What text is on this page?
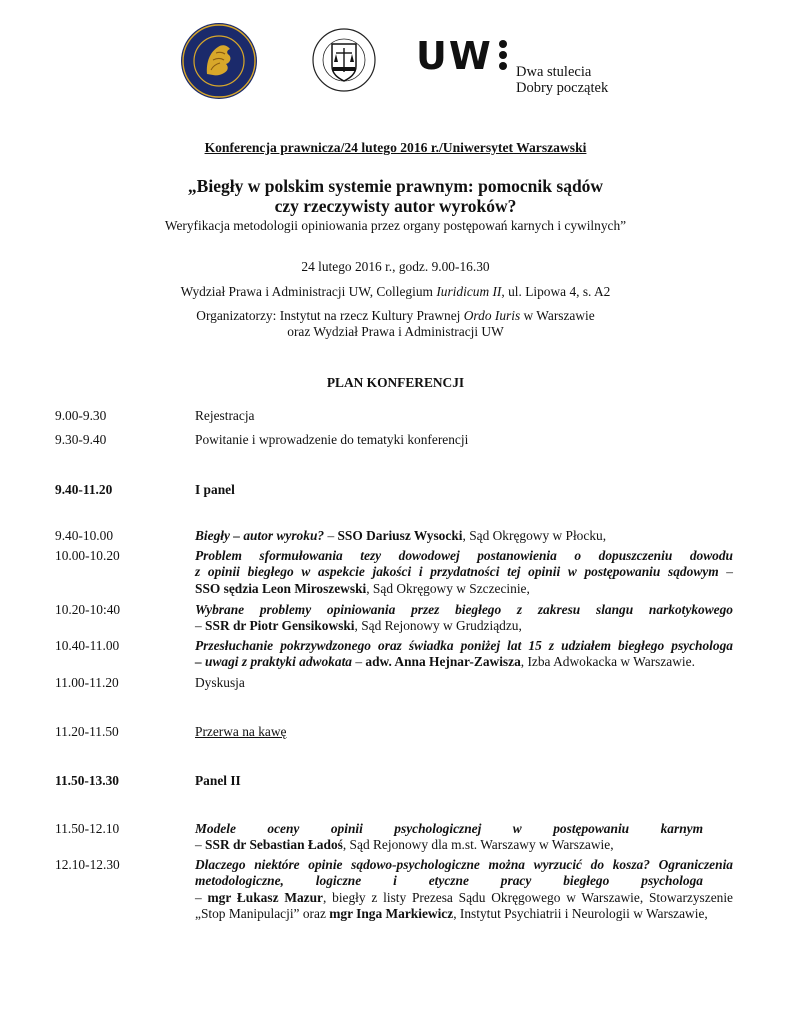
UW Dwa stulecia
Dobry początek
Konferencja prawnicza/24 lutego 2016 r./Uniwersytet Warszawski
„Biegły w polskim systemie prawnym: pomocnik sądów
czy rzeczywisty autor wyroków?
Weryfikacja metodologii opiniowania przez organy postępowań karnych i cywilnych”
24 lutego 2016 r., godz. 9.00-16.30
Wydział Prawa i Administracji UW, Collegium Iuridicum II, ul. Lipowa 4, s. A2
Organizatorzy: Instytut na rzecz Kultury Prawnej Ordo Iuris w Warszawie
oraz Wydział Prawa i Administracji UW
PLAN KONFERENCJI
9.00-9.30	Rejestracja
9.30-9.40	Powitanie i wprowadzenie do tematyki konferencji
9.40-11.20	I panel
9.40-10.00	Biegły – autor wyroku? – SSO Dariusz Wysocki, Sąd Okręgowy w Płocku,
10.00-10.20	Problem sformułowania tezy dowodowej postanowienia o dopuszczeniu dowodu
z opinii biegłego w aspekcie jakości i przydatności tej opinii w postępowaniu sądowym –
SSO sędzia Leon Miroszewski, Sąd Okręgowy w Szczecinie,
10.20-10:40	Wybrane problemy opiniowania przez biegłego z zakresu slangu narkotykowego
– SSR dr Piotr Gensikowski, Sąd Rejonowy w Grudziądzu,
10.40-11.00	Przesłuchanie pokrzywdzonego oraz świadka poniżej lat 15 z udziałem biegłego psychologa
– uwagi z praktyki adwokata – adw. Anna Hejnar-Zawisza, Izba Adwokacka w Warszawie.
11.00-11.20	Dyskusja
11.20-11.50	Przerwa na kawę
11.50-13.30	Panel II
11.50-12.10	Modele oceny opinii psychologicznej w postępowaniu karnym
– SSR dr Sebastian Ładoś, Sąd Rejonowy dla m.st. Warszawy w Warszawie,
12.10-12.30	Dlaczego niektóre opinie sądowo-psychologiczne można wyrzucić do kosza? Ograniczenia
metodologiczne, logiczne i etyczne pracy biegłego psychologa
– mgr Łukasz Mazur, biegły z listy Prezesa Sądu Okręgowego w Warszawie, Stowarzyszenie „Stop Manipulacji” oraz mgr Inga Markiewicz, Instytut Psychiatrii i Neurologii w Warszawie,
